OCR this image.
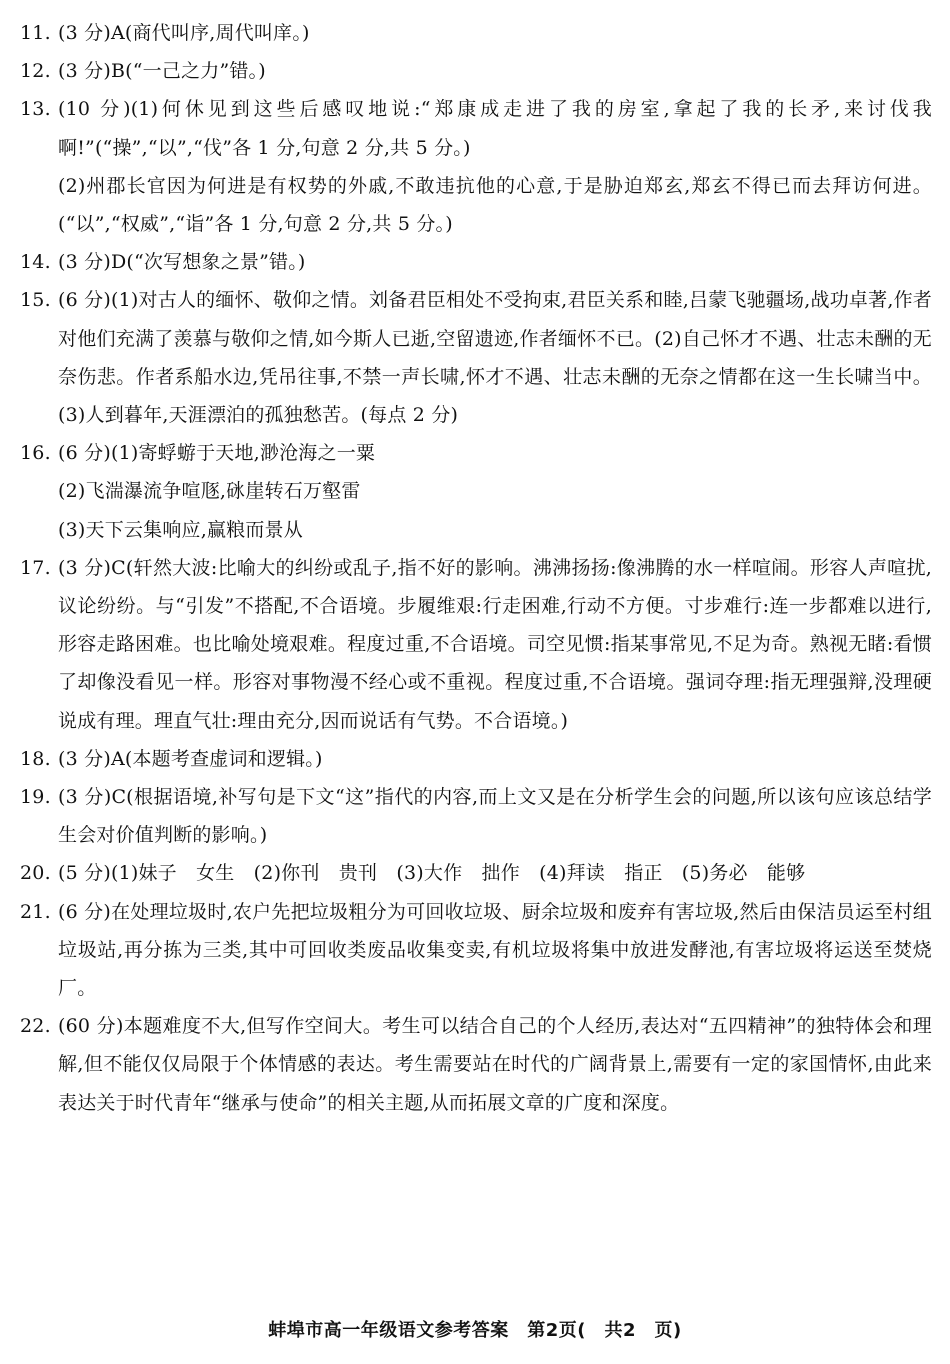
11. (3 分)A(商代叫序,周代叫庠。)
12. (3 分)B(“一己之力”错。)
13. (10 分)(1)何休见到这些后感叹地说:“郑康成走进了我的房室,拿起了我的长矛,来讨伐我啊!”(“操”,“以”,“伐”各 1 分,句意 2 分,共 5 分。)
(2)州郡长官因为何进是有权势的外戚,不敢违抗他的心意,于是胁迫郑玄,郑玄不得已而去拜访何进。(“以”,“权威”,“诣”各 1 分,句意 2 分,共 5 分。)
14. (3 分)D(“次写想象之景”错。)
15. (6 分)(1)对古人的缅怀、敬仰之情。刘备君臣相处不受拘束,君臣关系和睦,吕蒙飞驰疆场,战功卓著,作者对他们充满了羡慕与敬仰之情,如今斯人已逝,空留遗迹,作者缅怀不已。(2)自己怀才不遇、壮志未酬的无奈伤悲。作者系船水边,凭吊往事,不禁一声长啸,怀才不遇、壮志未酬的无奈之情都在这一生长啸当中。(3)人到暮年,天涯漂泊的孤独愁苦。(每点 2 分)
16. (6 分)(1)寄蜉蝣于天地,渺沧海之一粟
(2)飞湍瀑流争喧豗,砯崖转石万壑雷
(3)天下云集响应,赢粮而景从
17. (3 分)C(轩然大波:比喻大的纠纷或乱子,指不好的影响。沸沸扬扬:像沸腾的水一样喧闹。形容人声喧扰,议论纷纷。与“引发”不搭配,不合语境。步履维艰:行走困难,行动不方便。寸步难行:连一步都难以进行,形容走路困难。也比喻处境艰难。程度过重,不合语境。司空见惯:指某事常见,不足为奇。熟视无睹:看惯了却像没看见一样。形容对事物漫不经心或不重视。程度过重,不合语境。强词夺理:指无理强辩,没理硬说成有理。理直气壮:理由充分,因而说话有气势。不合语境。)
18. (3 分)A(本题考查虚词和逻辑。)
19. (3 分)C(根据语境,补写句是下文“这”指代的内容,而上文又是在分析学生会的问题,所以该句应该总结学生会对价值判断的影响。)
20. (5 分)(1)妹子　女生　(2)你刊　贵刊　(3)大作　拙作　(4)拜读　指正　(5)务必　能够
21. (6 分)在处理垃圾时,农户先把垃圾粗分为可回收垃圾、厨余垃圾和废弃有害垃圾,然后由保洁员运至村组垃圾站,再分拣为三类,其中可回收类废品收集变卖,有机垃圾将集中放进发酵池,有害垃圾将运送至焚烧厂。
22. (60 分)本题难度不大,但写作空间大。考生可以结合自己的个人经历,表达对“五四精神”的独特体会和理解,但不能仅仅局限于个体情感的表达。考生需要站在时代的广阔背景上,需要有一定的家国情怀,由此来表达关于时代青年“继承与使命”的相关主题,从而拓展文章的广度和深度。
蚌埠市高一年级语文参考答案　第2页(　共2　页)
